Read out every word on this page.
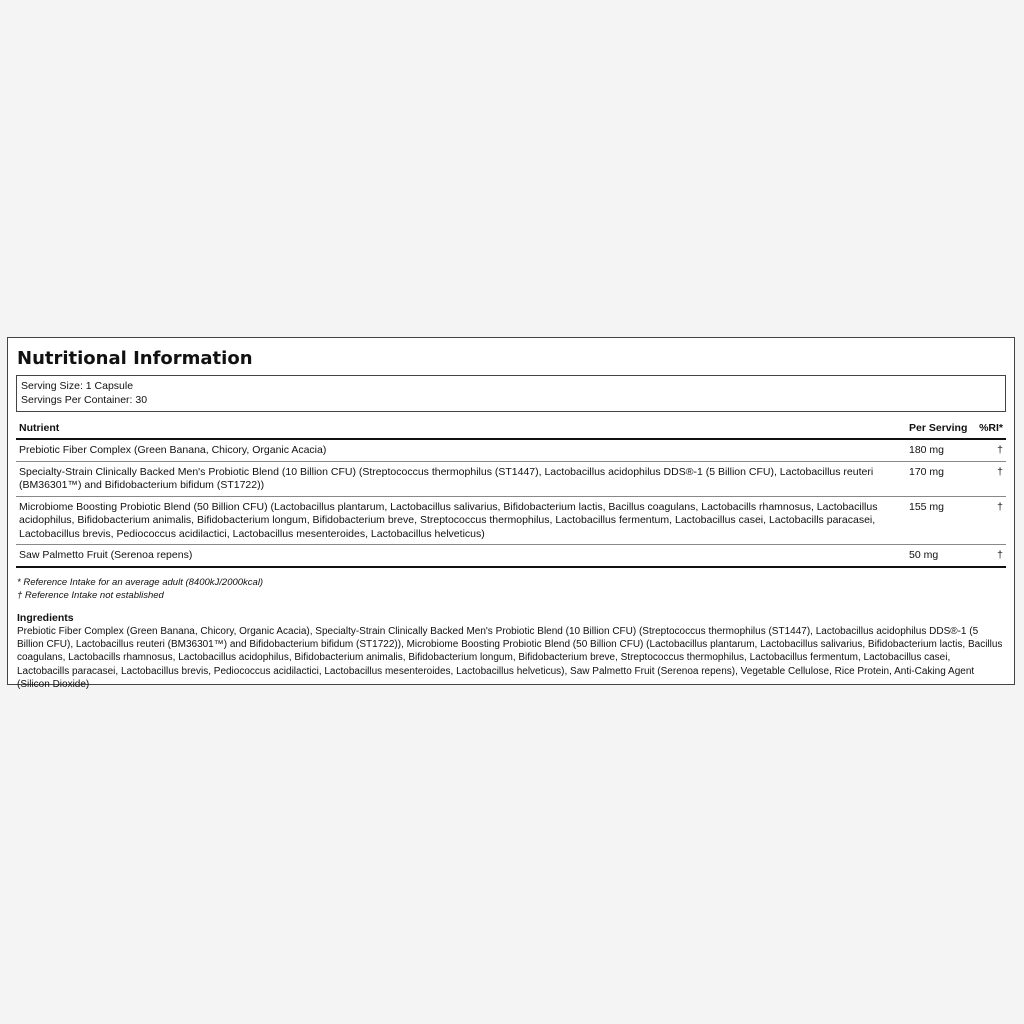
Nutritional Information
Serving Size: 1 Capsule
Servings Per Container: 30
Nutrient	Per Serving	%RI*
Prebiotic Fiber Complex (Green Banana, Chicory, Organic Acacia)	180 mg	†
Specialty-Strain Clinically Backed Men's Probiotic Blend (10 Billion CFU) (Streptococcus thermophilus (ST1447), Lactobacillus acidophilus DDS®-1 (5 Billion CFU), Lactobacillus reuteri (BM36301™) and Bifidobacterium bifidum (ST1722))	170 mg	†
Microbiome Boosting Probiotic Blend (50 Billion CFU) (Lactobacillus plantarum, Lactobacillus salivarius, Bifidobacterium lactis, Bacillus coagulans, Lactobacills rhamnosus, Lactobacillus acidophilus, Bifidobacterium animalis, Bifidobacterium longum, Bifidobacterium breve, Streptococcus thermophilus, Lactobacillus fermentum, Lactobacillus casei, Lactobacills paracasei, Lactobacillus brevis, Pediococcus acidilactici, Lactobacillus mesenteroides, Lactobacillus helveticus)	155 mg	†
Saw Palmetto Fruit (Serenoa repens)	50 mg	†
* Reference Intake for an average adult (8400kJ/2000kcal)
† Reference Intake not established
Ingredients
Prebiotic Fiber Complex (Green Banana, Chicory, Organic Acacia), Specialty-Strain Clinically Backed Men's Probiotic Blend (10 Billion CFU) (Streptococcus thermophilus (ST1447), Lactobacillus acidophilus DDS®-1 (5 Billion CFU), Lactobacillus reuteri (BM36301™) and Bifidobacterium bifidum (ST1722)), Microbiome Boosting Probiotic Blend (50 Billion CFU) (Lactobacillus plantarum, Lactobacillus salivarius, Bifidobacterium lactis, Bacillus coagulans, Lactobacills rhamnosus, Lactobacillus acidophilus, Bifidobacterium animalis, Bifidobacterium longum, Bifidobacterium breve, Streptococcus thermophilus, Lactobacillus fermentum, Lactobacillus casei, Lactobacills paracasei, Lactobacillus brevis, Pediococcus acidilactici, Lactobacillus mesenteroides, Lactobacillus helveticus), Saw Palmetto Fruit (Serenoa repens), Vegetable Cellulose, Rice Protein, Anti-Caking Agent (Silicon Dioxide)
